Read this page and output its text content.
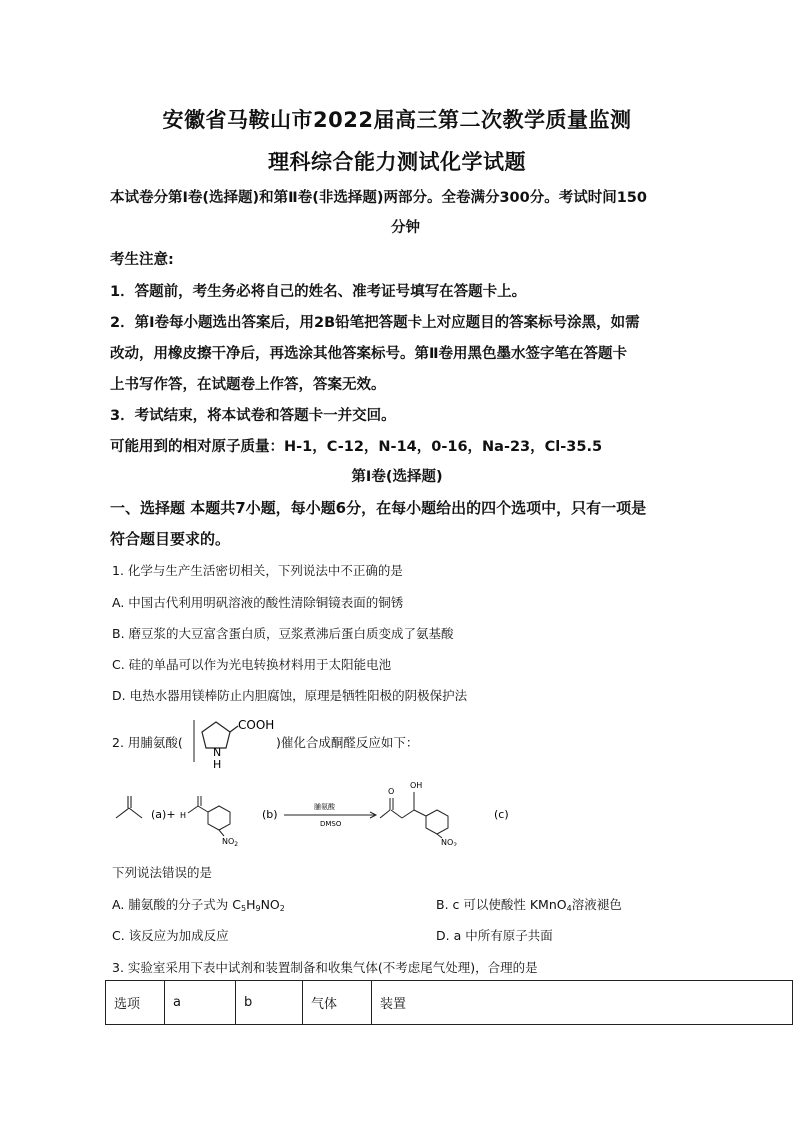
安徽省马鞍山市2022届高三第二次教学质量监测
理科综合能力测试化学试题
本试卷分第Ⅰ卷(选择题)和第Ⅱ卷(非选择题)两部分。全卷满分300分。考试时间150
分钟
考生注意:
1．答题前，考生务必将自己的姓名、准考证号填写在答题卡上。
2．第Ⅰ卷每小题选出答案后，用2B铅笔把答题卡上对应题目的答案标号涂黑，如需
改动，用橡皮擦干净后，再选涂其他答案标号。第Ⅱ卷用黑色墨水签字笔在答题卡
上书写作答，在试题卷上作答，答案无效。
3．考试结束，将本试卷和答题卡一并交回。
可能用到的相对原子质量：H-1，C-12，N-14，0-16，Na-23，Cl-35.5
第Ⅰ卷(选择题)
一、选择题 本题共7小题，每小题6分，在每小题给出的四个选项中，只有一项是
符合题目要求的。
1. 化学与生产生活密切相关，下列说法中不正确的是
A. 中国古代利用明矾溶液的酸性清除铜镜表面的铜锈
B. 磨豆浆的大豆富含蛋白质，豆浆煮沸后蛋白质变成了氨基酸
C. 硅的单晶可以作为光电转换材料用于太阳能电池
D. 电热水器用镁棒防止内胆腐蚀，原理是牺牲阳极的阴极保护法
2. 用脯氨酸(
COOH
N
H
)催化合成酮醛反应如下：
(a)+ H
$NO_2$
(b)
脯氨酸
DMSO
O
OH
$NO_2$
(c)
下列说法错误的是
A. 脯氨酸的分子式为 $C_5H_9NO_2$	B. c 可以使酸性 KMnO$_4$溶液褪色
C. 该反应为加成反应	D. a 中所有原子共面
3. 实验室采用下表中试剂和装置制备和收集气体(不考虑尾气处理)，合理的是
选项	a	b	气体	装置
